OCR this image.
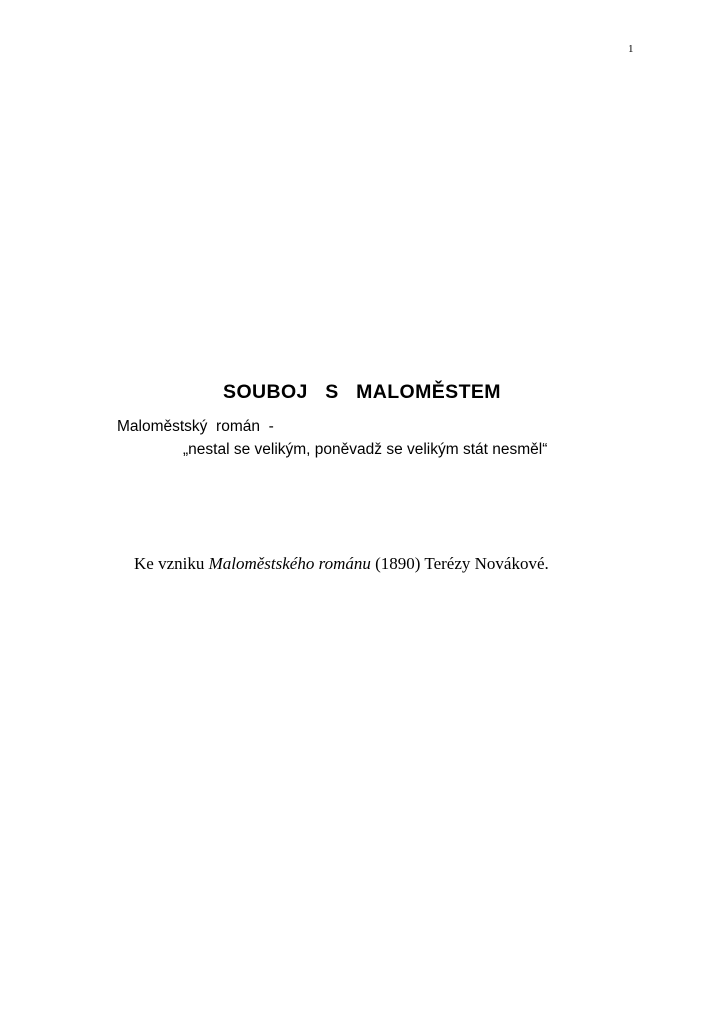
1
SOUBOJ   S   MALOMĚSTEM
Maloměstský  román  -
„nestal se velikým, poněvadž se velikým stát nesměl“

Ke vzniku Maloměstského románu (1890) Terézy Novákové.
